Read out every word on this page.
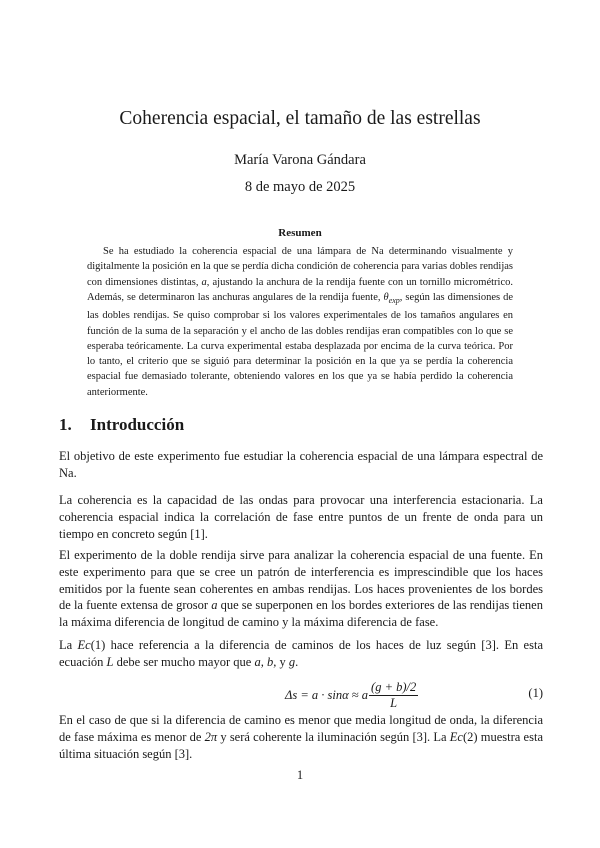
Coherencia espacial, el tamaño de las estrellas
María Varona Gándara
8 de mayo de 2025
Resumen
Se ha estudiado la coherencia espacial de una lámpara de Na determinando visualmente y digitalmente la posición en la que se perdía dicha condición de coherencia para varias dobles rendijas con dimensiones distintas, a, ajustando la anchura de la rendija fuente con un tornillo micrométrico. Además, se determinaron las anchuras angulares de la rendija fuente, $\theta_{exp}$, según las dimensiones de las dobles rendijas. Se quiso comprobar si los valores experimentales de los tamaños angulares en función de la suma de la separación y el ancho de las dobles rendijas eran compatibles con lo que se esperaba teóricamente. La curva experimental estaba desplazada por encima de la curva teórica. Por lo tanto, el criterio que se siguió para determinar la posición en la que ya se perdía la coherencia espacial fue demasiado tolerante, obteniendo valores en los que ya se había perdido la coherencia anteriormente.
1. Introducción
El objetivo de este experimento fue estudiar la coherencia espacial de una lámpara espectral de Na.
La coherencia es la capacidad de las ondas para provocar una interferencia estacionaria. La coherencia espacial indica la correlación de fase entre puntos de un frente de onda para un tiempo en concreto según [1].
El experimento de la doble rendija sirve para analizar la coherencia espacial de una fuente. En este experimento para que se cree un patrón de interferencia es imprescindible que los haces emitidos por la fuente sean coherentes en ambas rendijas. Los haces provenientes de los bordes de la fuente extensa de grosor a que se superponen en los bordes exteriores de las rendijas tienen la máxima diferencia de longitud de camino y la máxima diferencia de fase.
La Ec(1) hace referencia a la diferencia de caminos de los haces de luz según [3]. En esta ecuación L debe ser mucho mayor que a, b, y g.
Δs = a · sinα ≈ a $\frac{(g + b)/2}{L}$	(1)
En el caso de que si la diferencia de camino es menor que media longitud de onda, la diferencia de fase máxima es menor de 2π y será coherente la iluminación según [3]. La Ec(2) muestra esta última situación según [3].
1
